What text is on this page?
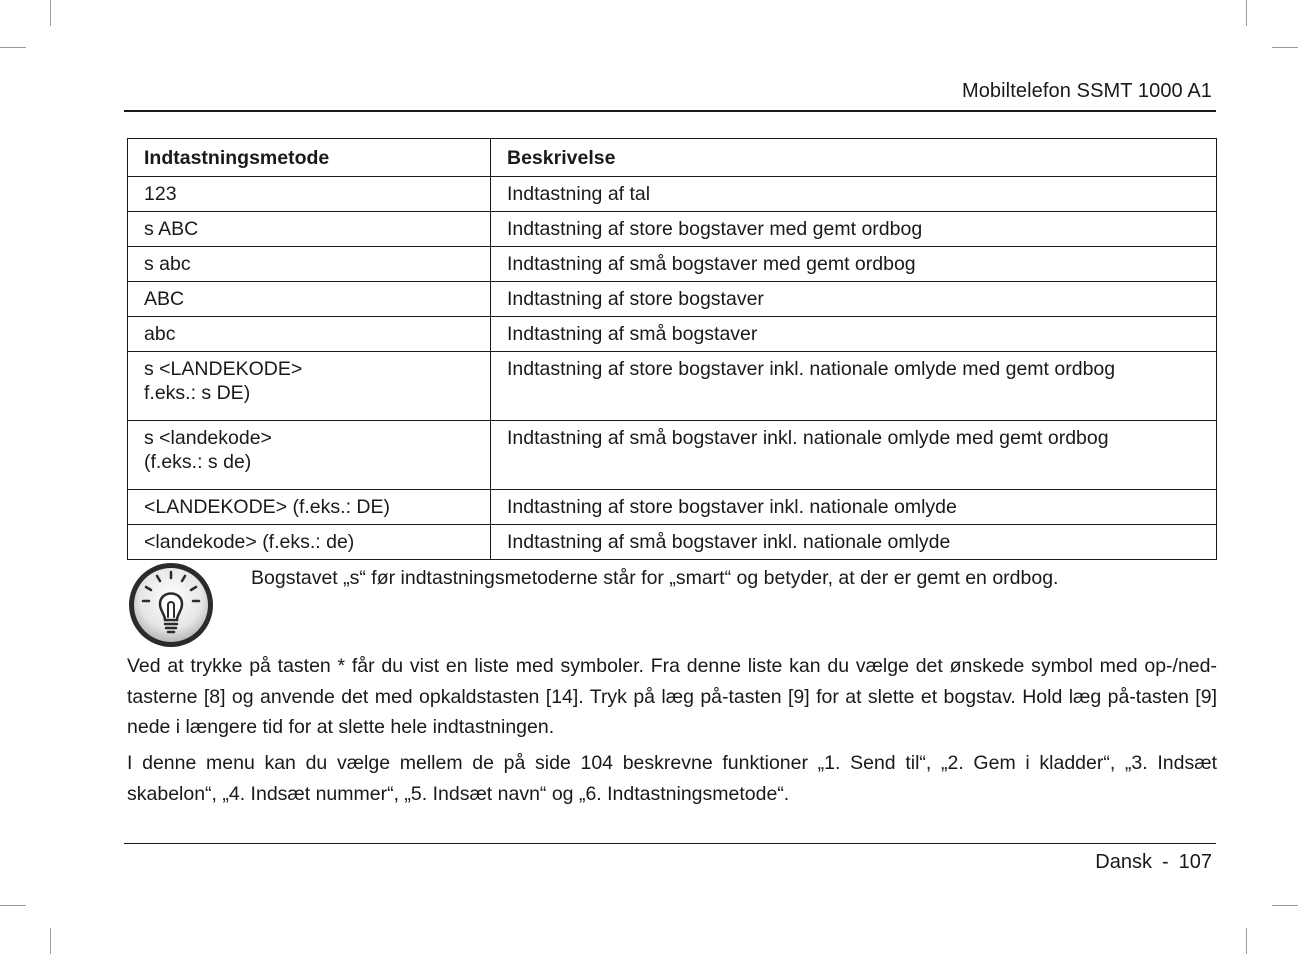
Mobiltelefon SSMT 1000 A1
Indtastningsmetode	Beskrivelse
123	Indtastning af tal
s ABC	Indtastning af store bogstaver med gemt ordbog
s abc	Indtastning af små bogstaver med gemt ordbog
ABC	Indtastning af store bogstaver
abc	Indtastning af små bogstaver

s <LANDEKODE>
f.eks.: s DE)	Indtastning af store bogstaver inkl. nationale omlyde med gemt ordbog

s <landekode>
(f.eks.: s de)	Indtastning af små bogstaver inkl. nationale omlyde med gemt ordbog
<LANDEKODE> (f.eks.: DE)	Indtastning af store bogstaver inkl. nationale omlyde
<landekode> (f.eks.: de)	Indtastning af små bogstaver inkl. nationale omlyde
Bogstavet „s“ før indtastningsmetoderne står for „smart“ og betyder, at der er gemt en ordbog.

Ved at trykke på tasten * får du vist en liste med symboler. Fra denne liste kan du vælge det ønskede symbol med op-/ned-tasterne [8] og anvende det med opkaldstasten [14]. Tryk på læg på-tasten [9] for at slette et bogstav. Hold læg på-tasten [9] nede i længere tid for at slette hele indtastningen.

I denne menu kan du vælge mellem de på side 104 beskrevne funktioner „1. Send til“, „2. Gem i kladder“, „3. Indsæt skabelon“, „4. Indsæt nummer“, „5. Indsæt navn“ og „6. Indtastningsmetode“.

Dansk - 107
